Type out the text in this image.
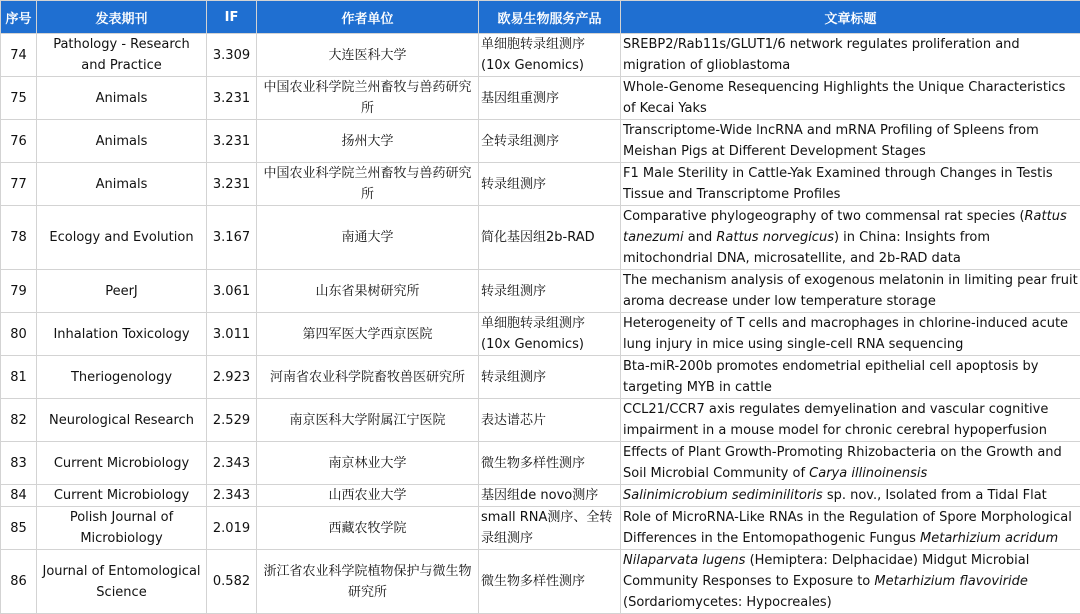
序号	发表期刊	IF	作者单位	欧易生物服务产品	文章标题
74	Pathology - Research and Practice	3.309	大连医科大学	单细胞转录组测序 (10x Genomics)	SREBP2/Rab11s/GLUT1/6 network regulates proliferation and migration of glioblastoma
75	Animals	3.231	中国农业科学院兰州畜牧与兽药研究所	基因组重测序	Whole-Genome Resequencing Highlights the Unique Characteristics of Kecai Yaks
76	Animals	3.231	扬州大学	全转录组测序	Transcriptome-Wide lncRNA and mRNA Profiling of Spleens from Meishan Pigs at Different Development Stages
77	Animals	3.231	中国农业科学院兰州畜牧与兽药研究所	转录组测序	F1 Male Sterility in Cattle-Yak Examined through Changes in Testis Tissue and Transcriptome Profiles
78	Ecology and Evolution	3.167	南通大学	简化基因组2b-RAD	Comparative phylogeography of two commensal rat species (Rattus tanezumi and Rattus norvegicus) in China: Insights from mitochondrial DNA, microsatellite, and 2b-RAD data
79	PeerJ	3.061	山东省果树研究所	转录组测序	The mechanism analysis of exogenous melatonin in limiting pear fruit aroma decrease under low temperature storage
80	Inhalation Toxicology	3.011	第四军医大学西京医院	单细胞转录组测序 (10x Genomics)	Heterogeneity of T cells and macrophages in chlorine-induced acute lung injury in mice using single-cell RNA sequencing
81	Theriogenology	2.923	河南省农业科学院畜牧兽医研究所	转录组测序	Bta-miR-200b promotes endometrial epithelial cell apoptosis by targeting MYB in cattle
82	Neurological Research	2.529	南京医科大学附属江宁医院	表达谱芯片	CCL21/CCR7 axis regulates demyelination and vascular cognitive impairment in a mouse model for chronic cerebral hypoperfusion
83	Current Microbiology	2.343	南京林业大学	微生物多样性测序	Effects of Plant Growth-Promoting Rhizobacteria on the Growth and Soil Microbial Community of Carya illinoinensis
84	Current Microbiology	2.343	山西农业大学	基因组de novo测序	Salinimicrobium sediminilitoris sp. nov., Isolated from a Tidal Flat
85	Polish Journal of Microbiology	2.019	西藏农牧学院	small RNA测序、全转录组测序	Role of MicroRNA-Like RNAs in the Regulation of Spore Morphological Differences in the Entomopathogenic Fungus Metarhizium acridum
86	Journal of Entomological Science	0.582	浙江省农业科学院植物保护与微生物研究所	微生物多样性测序	Nilaparvata lugens (Hemiptera: Delphacidae) Midgut Microbial Community Responses to Exposure to Metarhizium flavoviride (Sordariomycetes: Hypocreales)
